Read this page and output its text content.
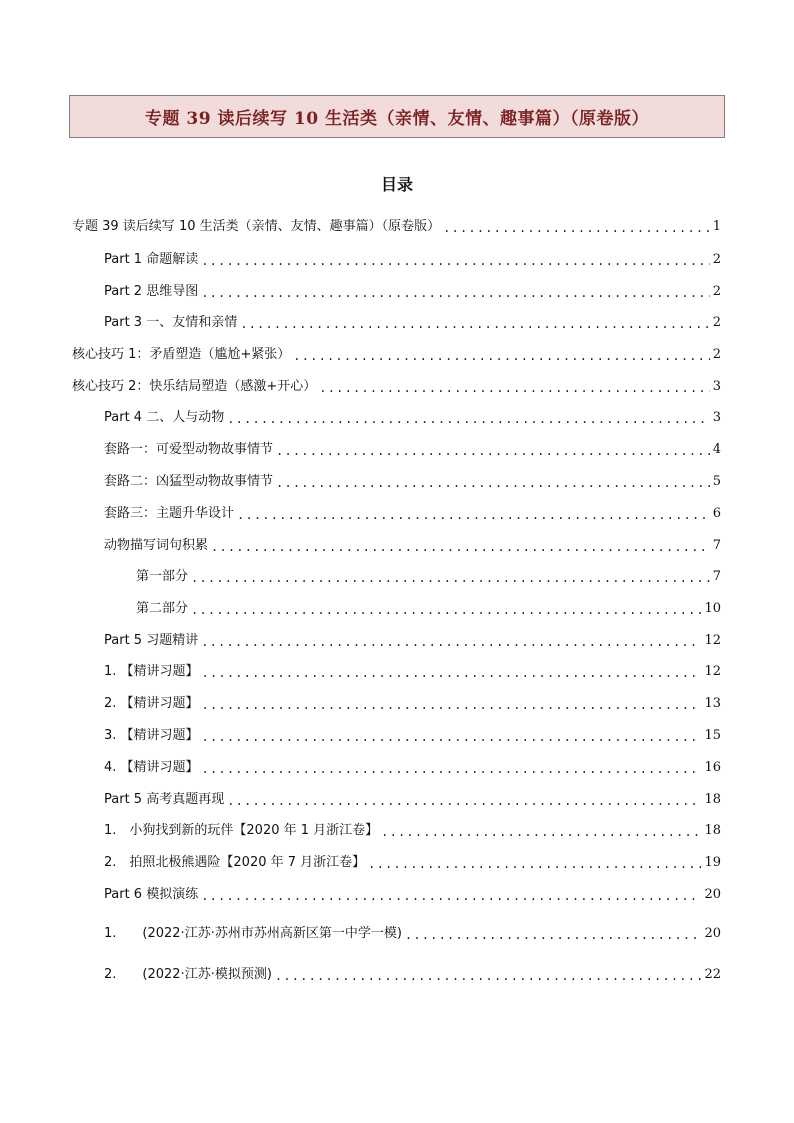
专题 39 读后续写 10 生活类（亲情、友情、趣事篇）（原卷版）
目录
专题 39 读后续写 10 生活类（亲情、友情、趣事篇）（原卷版） .....	1
Part 1 命题解读 .....	2
Part 2 思维导图 .....	2
Part 3 一、友情和亲情 .....	2
核心技巧 1：矛盾塑造（尴尬+紧张） .....	2
核心技巧 2：快乐结局塑造（感激+开心） .....	3
Part 4 二、人与动物 .....	3
套路一：可爱型动物故事情节 .....	4
套路二：凶猛型动物故事情节 .....	5
套路三：主题升华设计 .....	6
动物描写词句积累 .....	7
第一部分 .....	7
第二部分 .....	10
Part 5 习题精讲 .....	12
1. 【精讲习题】 .....	12
2. 【精讲习题】 .....	13
3. 【精讲习题】 .....	15
4. 【精讲习题】 .....	16
Part 5 高考真题再现 .....	18
1.　小狗找到新的玩伴【2020 年 1 月浙江卷】 .....	18
2.　拍照北极熊遇险【2020 年 7 月浙江卷】 .....	19
Part 6 模拟演练 .....	20
1.　　(2022·江苏·苏州市苏州高新区第一中学一模) .....	20
2.　　(2022·江苏·模拟预测) .....	22
